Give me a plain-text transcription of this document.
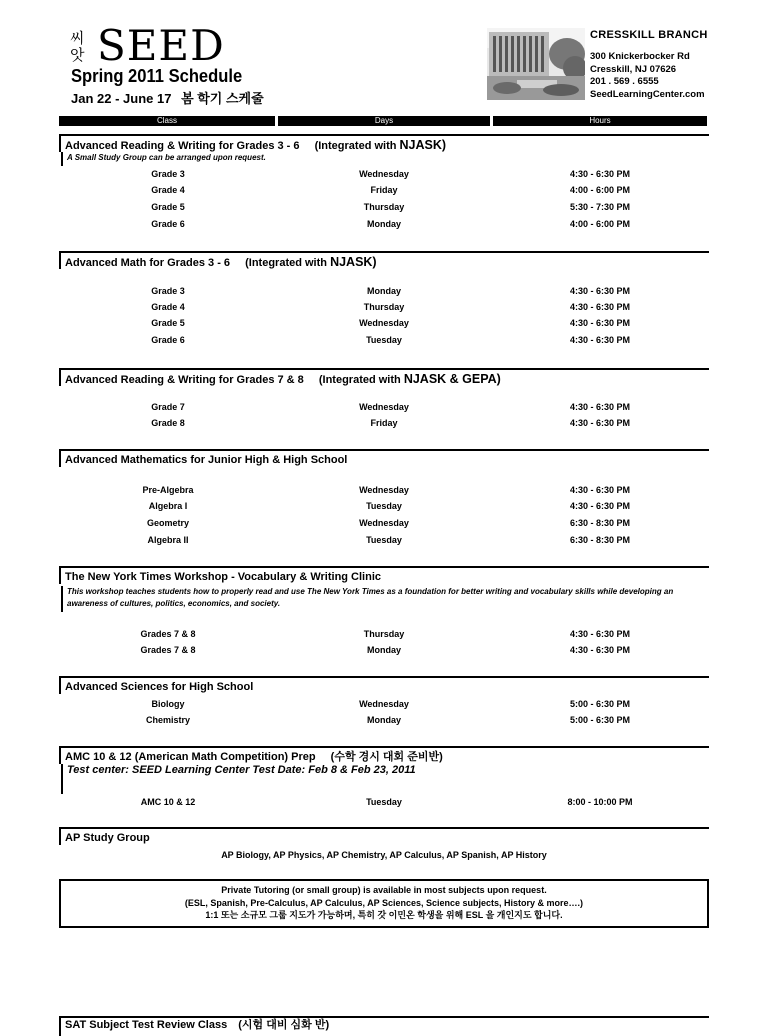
씨앗 SEED
Spring 2011 Schedule
Jan 22 - June 17 봄 학기 스케줄
CRESSKILL BRANCH
300 Knickerbocker Rd
Cresskill, NJ 07626
201 . 569 . 6555
SeedLearningCenter.com
Class	Days	Hours
Advanced Reading & Writing for Grades 3 - 6 (Integrated with NJASK)
A Small Study Group can be arranged upon request.
Grade 3	Wednesday	4:30 - 6:30 PM
Grade 4	Friday	4:00 - 6:00 PM
Grade 5	Thursday	5:30 - 7:30 PM
Grade 6	Monday	4:00 - 6:00 PM
Advanced Math for Grades 3 - 6 (Integrated with NJASK)
Grade 3	Monday	4:30 - 6:30 PM
Grade 4	Thursday	4:30 - 6:30 PM
Grade 5	Wednesday	4:30 - 6:30 PM
Grade 6	Tuesday	4:30 - 6:30 PM
Advanced Reading & Writing for Grades 7 & 8 (Integrated with NJASK & GEPA)
Grade 7	Wednesday	4:30 - 6:30 PM
Grade 8	Friday	4:30 - 6:30 PM
Advanced Mathematics for Junior High & High School
Pre-Algebra	Wednesday	4:30 - 6:30 PM
Algebra I	Tuesday	4:30 - 6:30 PM
Geometry	Wednesday	6:30 - 8:30 PM
Algebra II	Tuesday	6:30 - 8:30 PM
The New York Times Workshop - Vocabulary & Writing Clinic
This workshop teaches students how to properly read and use The New York Times as a foundation for better writing and vocabulary skills while developing an awareness of cultures, politics, economics, and society.
Grades 7 & 8	Thursday	4:30 - 6:30 PM
Grades 7 & 8	Monday	4:30 - 6:30 PM
Advanced Sciences for High School
Biology	Wednesday	5:00 - 6:30 PM
Chemistry	Monday	5:00 - 6:30 PM
AMC 10 & 12 (American Math Competition) Prep (수학 경시 대회 준비반)
Test center: SEED Learning Center Test Date: Feb 8 & Feb 23, 2011
AMC 10 & 12	Tuesday	8:00 - 10:00 PM
AP Study Group
AP Biology, AP Physics, AP Chemistry, AP Calculus, AP Spanish, AP History
Private Tutoring (or small group) is available in most subjects upon request.
(ESL, Spanish, Pre-Calculus, AP Calculus, AP Sciences, Science subjects, History & more….)
1:1 또는 소규모 그룹 지도가 가능하며, 특히 갓 이민온 학생을 위해 ESL 을 개인지도 합니다.
SAT Subject Test Review Class (시험 대비 심화 반)
